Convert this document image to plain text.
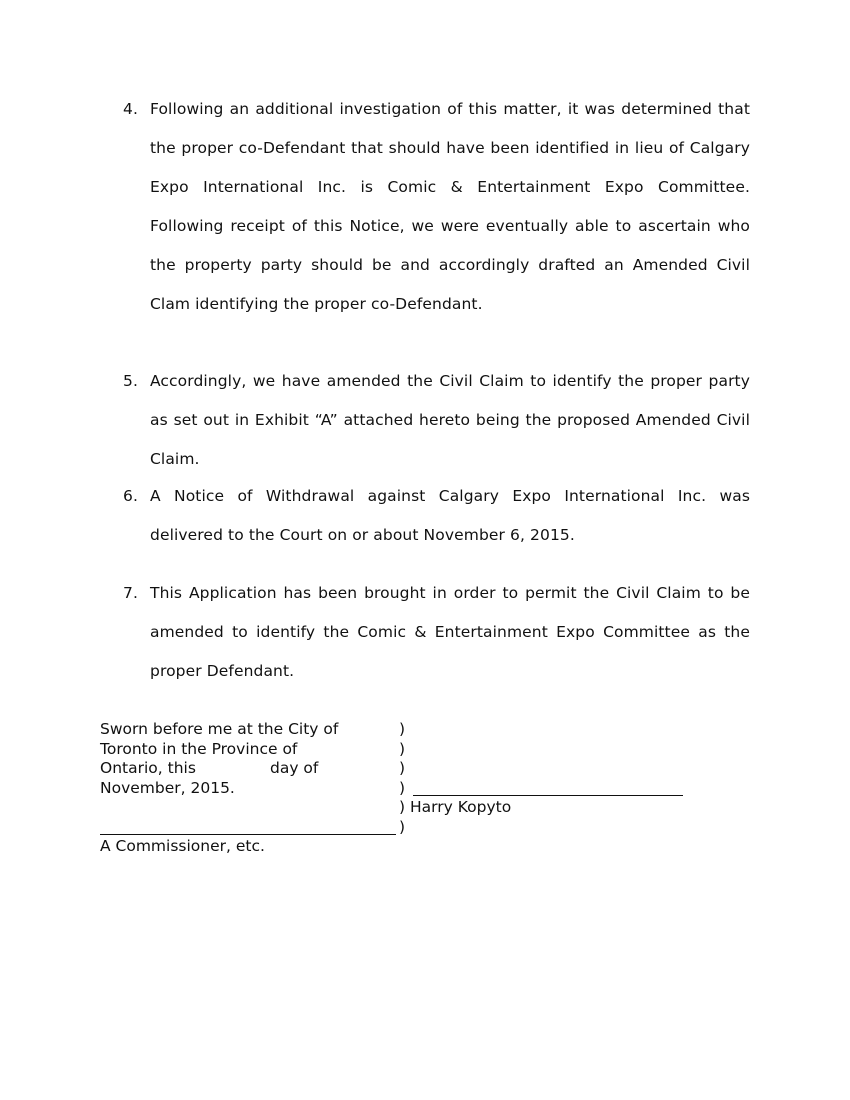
4. Following an additional investigation of this matter, it was determined that the proper co-Defendant that should have been identified in lieu of Calgary Expo International Inc. is Comic & Entertainment Expo Committee. Following receipt of this Notice, we were eventually able to ascertain who the property party should be and accordingly drafted an Amended Civil Clam identifying the proper co-Defendant.
5. Accordingly, we have amended the Civil Claim to identify the proper party as set out in Exhibit “A” attached hereto being the proposed Amended Civil Claim.
6. A Notice of Withdrawal against Calgary Expo International Inc. was delivered to the Court on or about November 6, 2015.
7. This Application has been brought in order to permit the Civil Claim to be amended to identify the Comic & Entertainment Expo Committee as the proper Defendant.
Sworn before me at the City of	)
Toronto in the Province of	)
Ontario, this	day of	)
November, 2015.	)
) Harry Kopyto
)
A Commissioner, etc.
